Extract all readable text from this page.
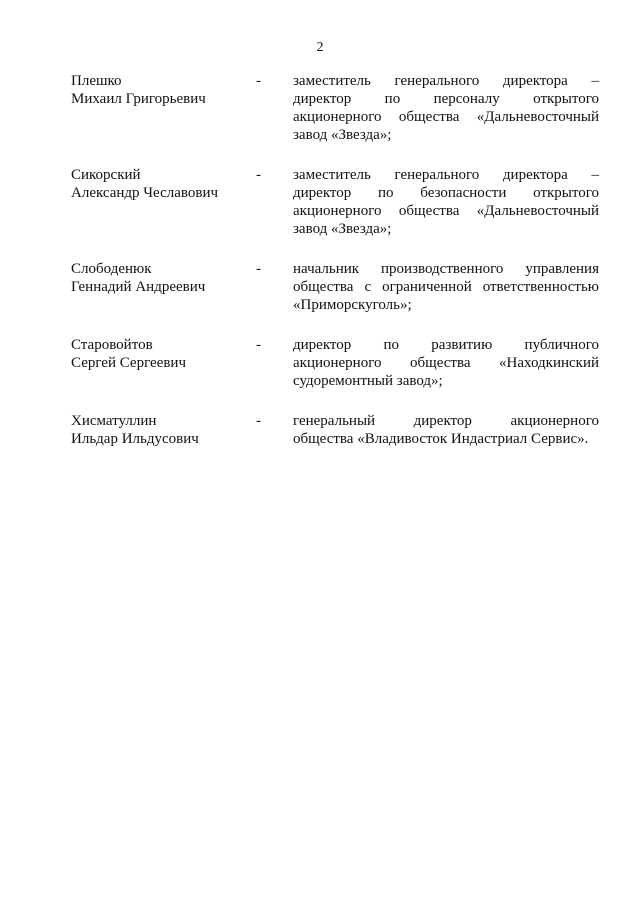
2
Плешко
Михаил Григорьевич
-	заместитель генерального директора –
директор по персоналу открытого
акционерного общества «Дальневосточный
завод «Звезда»;
Сикорский
Александр Чеславович
-	заместитель генерального директора –
директор по безопасности открытого
акционерного общества «Дальневосточный
завод «Звезда»;
Слободенюк
Геннадий Андреевич
-	начальник производственного управления
общества с ограниченной ответственностью
«Приморскуголь»;
Старовойтов
Сергей Сергеевич
-	директор по развитию публичного
акционерного общества «Находкинский
судоремонтный завод»;
Хисматуллин
Ильдар Ильдусович
-	генеральный директор акционерного
общества «Владивосток Индастриал Сервис».
